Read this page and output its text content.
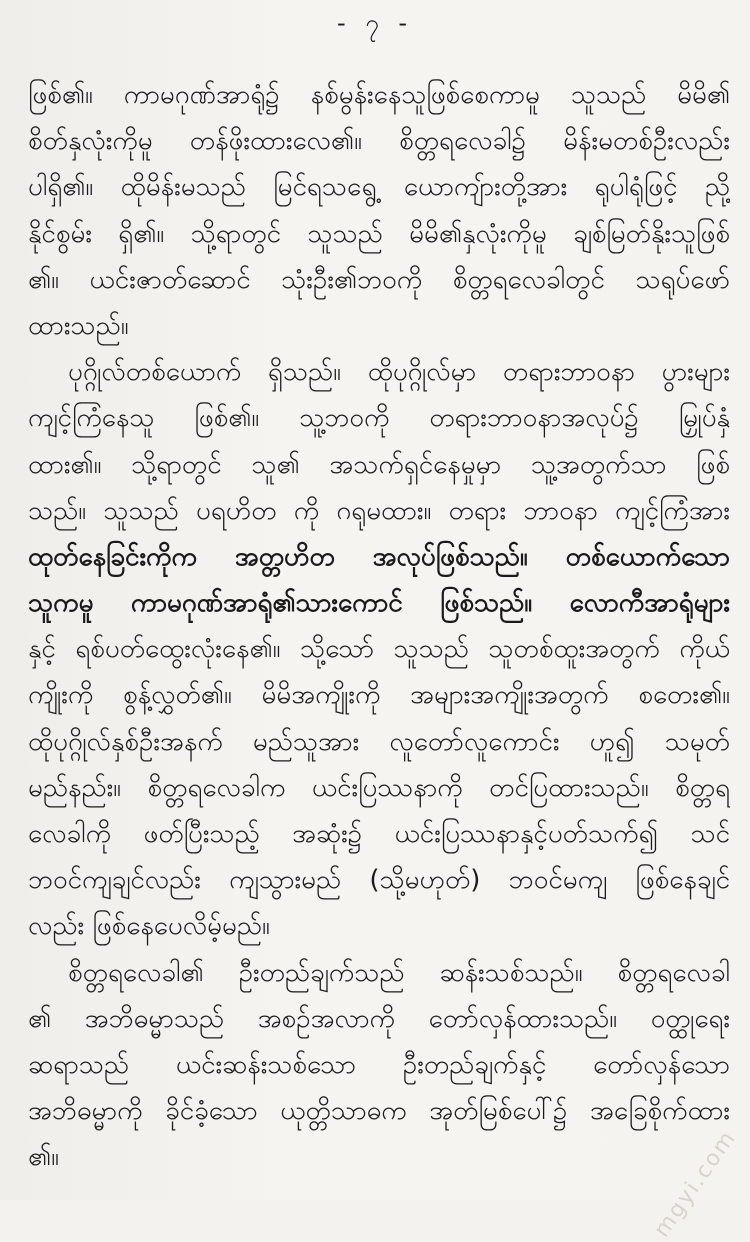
- ၇ -
ဖြစ်၏။ ကာမဂုဏ်အာရုံ၌ နစ်မွန်းနေသူဖြစ်စေကာမူ သူသည် မိမိ၏
စိတ်နှလုံးကိုမူ တန်ဖိုးထားလေ၏။ စိတ္တရလေခါ၌ မိန်းမတစ်ဦးလည်း
ပါရှိ၏။ ထိုမိန်းမသည် မြင်ရသရွေ့ ယောကျ်ားတို့အား ရုပါရုံဖြင့် ညို့
နိုင်စွမ်း ရှိ၏။ သို့ရာတွင် သူသည် မိမိ၏နှလုံးကိုမူ ချစ်မြတ်နိုးသူဖြစ်
၏။ ယင်းဇာတ်ဆောင် သုံးဦး၏ဘဝကို စိတ္တရလေခါတွင် သရုပ်ဖော်
ထားသည်။
ပုဂ္ဂိုလ်တစ်ယောက် ရှိသည်။ ထိုပုဂ္ဂိုလ်မှာ တရားဘာဝနာ ပွားများ
ကျင့်ကြံနေသူ ဖြစ်၏။ သူ့ဘဝကို တရားဘာဝနာအလုပ်၌ မြှုပ်နှံ
ထား၏။ သို့ရာတွင် သူ၏ အသက်ရှင်နေမှုမှာ သူ့အတွက်သာ ဖြစ်
သည်။ သူသည် ပရဟိတ ကို ဂရုမထား။ တရား ဘာဝနာ ကျင့်ကြံအား
ထုတ်နေခြင်းကိုက အတ္တဟိတ အလုပ်ဖြစ်သည်။ တစ်ယောက်သော
သူကမူ ကာမဂုဏ်အာရုံ၏သားကောင် ဖြစ်သည်။ လောကီအာရုံများ
နှင့် ရစ်ပတ်ထွေးလုံးနေ၏။ သို့သော် သူသည် သူတစ်ထူးအတွက် ကိုယ်
ကျိုးကို စွန့်လွှတ်၏။ မိမိအကျိုးကို အများအကျိုးအတွက် စတေး၏။
ထိုပုဂ္ဂိုလ်နှစ်ဦးအနက် မည်သူအား လူတော်လူကောင်း ဟူ၍ သမုတ်
မည်နည်း။ စိတ္တရလေခါက ယင်းပြဿနာကို တင်ပြထားသည်။ စိတ္တရ
လေခါကို ဖတ်ပြီးသည့် အဆုံး၌ ယင်းပြဿနာနှင့်ပတ်သက်၍ သင်
ဘဝင်ကျချင်လည်း ကျသွားမည် (သို့မဟုတ်) ဘဝင်မကျ ဖြစ်နေချင်
လည်း ဖြစ်နေပေလိမ့်မည်။
စိတ္တရလေခါ၏ ဦးတည်ချက်သည် ဆန်းသစ်သည်။ စိတ္တရလေခါ
၏ အဘိဓမ္မာသည် အစဉ်အလာကို တော်လှန်ထားသည်။ ဝတ္ထုရေး
ဆရာသည် ယင်းဆန်းသစ်သော ဦးတည်ချက်နှင့် တော်လှန်သော
အဘိဓမ္မာကို ခိုင်ခံ့သော ယုတ္တိသာဓက အုတ်မြစ်ပေါ်၌ အခြေစိုက်ထား
၏။	mgyi.com
